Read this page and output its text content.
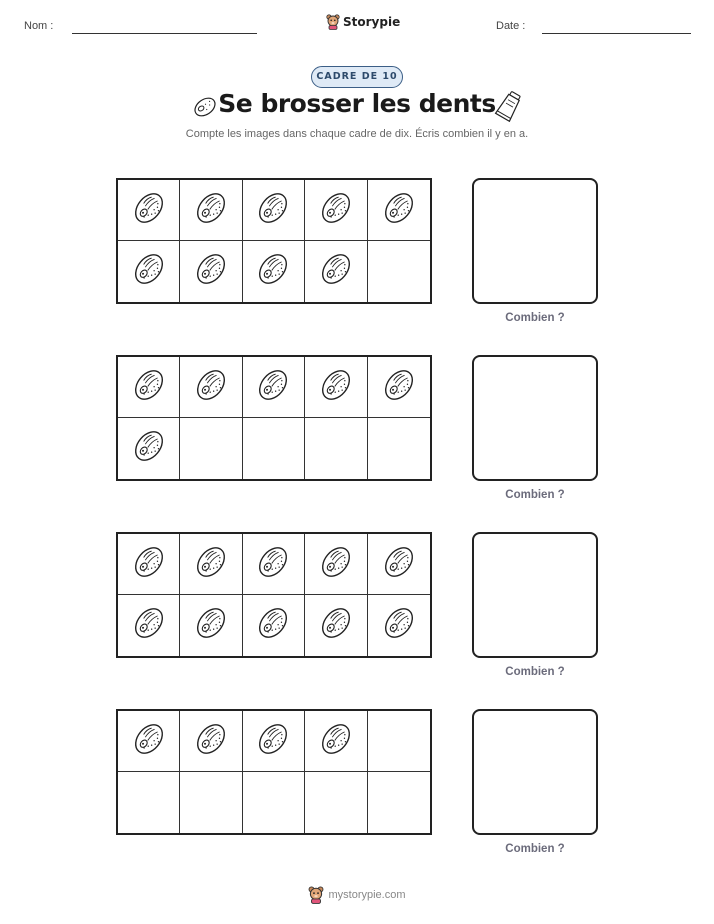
Nom :	Storypie	Date :
CADRE DE 10
Se brosser les dents
Compte les images dans chaque cadre de dix. Écris combien il y en a.
Combien ?
Combien ?
Combien ?
Combien ?
mystorypie.com
